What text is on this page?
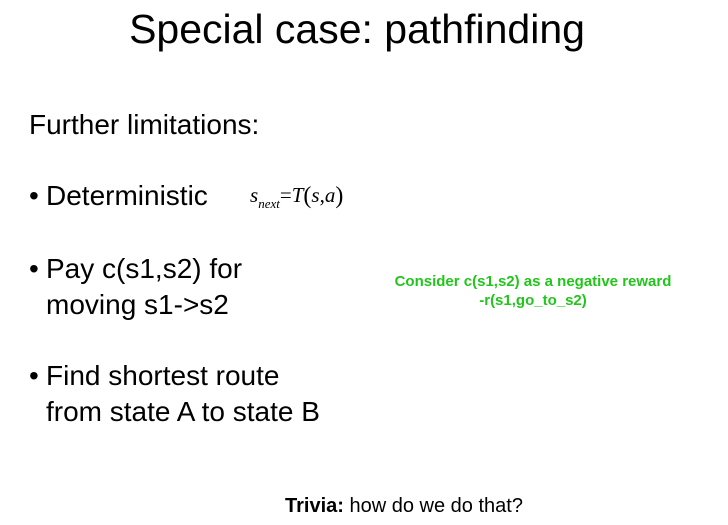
Special case: pathfinding
Further limitations:
• Deterministic $s_{next}=T(s,a)$
• Pay c(s1,s2) for
moving s1->s2
Consider c(s1,s2) as a negative reward
-r(s1,go_to_s2)
• Find shortest route
from state A to state B
Trivia: how do we do that?
